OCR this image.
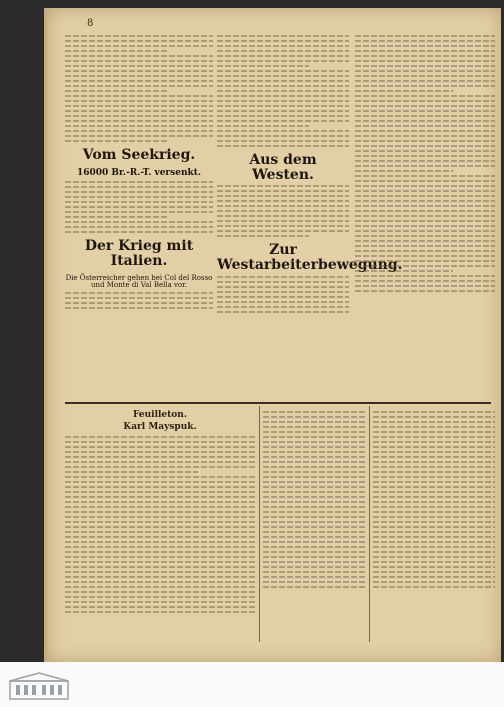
8
Vom Seekrieg.
16000 Br.-R.-T. versenkt.
Der Krieg mit Italien.
Die Österreicher gehen bei Col del Rosso und Monte di Val Bella vor.
Aus dem Westen.
Zur Westarbeiterbewegung.
Feuilleton.
Karl Mayspuk.
